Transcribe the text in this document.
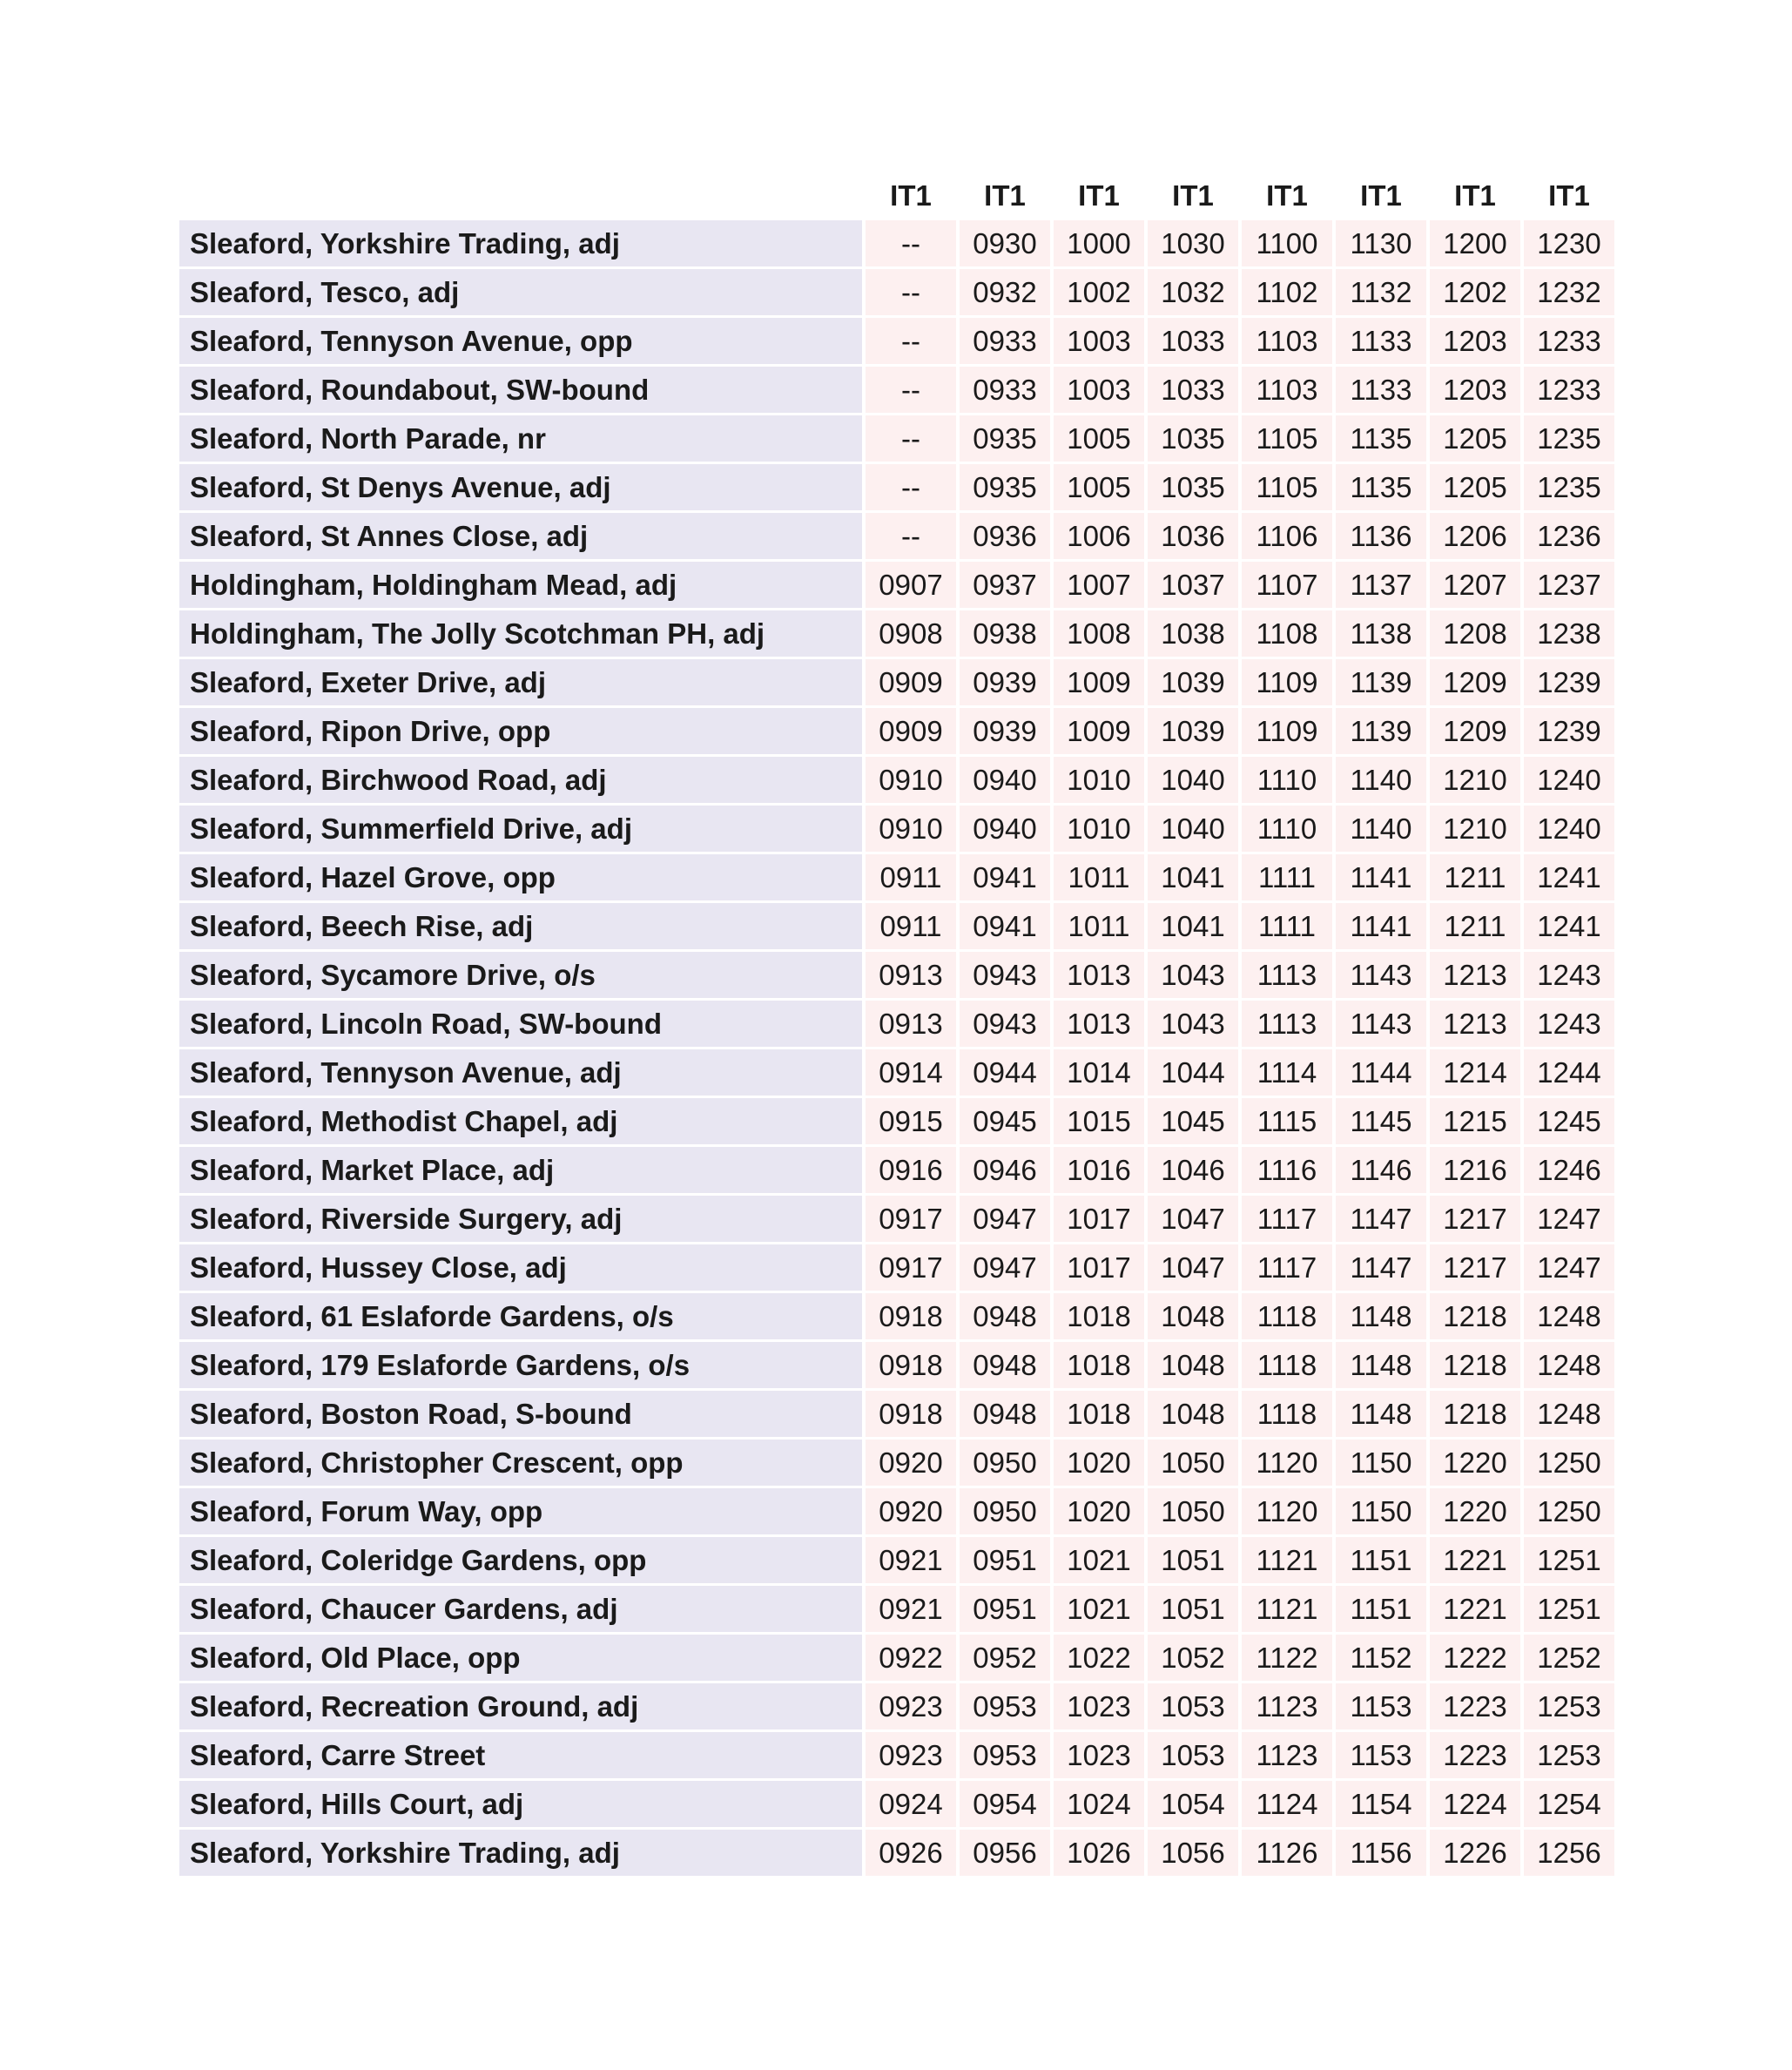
	IT1	IT1	IT1	IT1	IT1	IT1	IT1	IT1
Sleaford, Yorkshire Trading, adj	--	0930	1000	1030	1100	1130	1200	1230
Sleaford, Tesco, adj	--	0932	1002	1032	1102	1132	1202	1232
Sleaford, Tennyson Avenue, opp	--	0933	1003	1033	1103	1133	1203	1233
Sleaford, Roundabout, SW-bound	--	0933	1003	1033	1103	1133	1203	1233
Sleaford, North Parade, nr	--	0935	1005	1035	1105	1135	1205	1235
Sleaford, St Denys Avenue, adj	--	0935	1005	1035	1105	1135	1205	1235
Sleaford, St Annes Close, adj	--	0936	1006	1036	1106	1136	1206	1236
Holdingham, Holdingham Mead, adj	0907	0937	1007	1037	1107	1137	1207	1237
Holdingham, The Jolly Scotchman PH, adj	0908	0938	1008	1038	1108	1138	1208	1238
Sleaford, Exeter Drive, adj	0909	0939	1009	1039	1109	1139	1209	1239
Sleaford, Ripon Drive, opp	0909	0939	1009	1039	1109	1139	1209	1239
Sleaford, Birchwood Road, adj	0910	0940	1010	1040	1110	1140	1210	1240
Sleaford, Summerfield Drive, adj	0910	0940	1010	1040	1110	1140	1210	1240
Sleaford, Hazel Grove, opp	0911	0941	1011	1041	1111	1141	1211	1241
Sleaford, Beech Rise, adj	0911	0941	1011	1041	1111	1141	1211	1241
Sleaford, Sycamore Drive, o/s	0913	0943	1013	1043	1113	1143	1213	1243
Sleaford, Lincoln Road, SW-bound	0913	0943	1013	1043	1113	1143	1213	1243
Sleaford, Tennyson Avenue, adj	0914	0944	1014	1044	1114	1144	1214	1244
Sleaford, Methodist Chapel, adj	0915	0945	1015	1045	1115	1145	1215	1245
Sleaford, Market Place, adj	0916	0946	1016	1046	1116	1146	1216	1246
Sleaford, Riverside Surgery, adj	0917	0947	1017	1047	1117	1147	1217	1247
Sleaford, Hussey Close, adj	0917	0947	1017	1047	1117	1147	1217	1247
Sleaford, 61 Eslaforde Gardens, o/s	0918	0948	1018	1048	1118	1148	1218	1248
Sleaford, 179 Eslaforde Gardens, o/s	0918	0948	1018	1048	1118	1148	1218	1248
Sleaford, Boston Road, S-bound	0918	0948	1018	1048	1118	1148	1218	1248
Sleaford, Christopher Crescent, opp	0920	0950	1020	1050	1120	1150	1220	1250
Sleaford, Forum Way, opp	0920	0950	1020	1050	1120	1150	1220	1250
Sleaford, Coleridge Gardens, opp	0921	0951	1021	1051	1121	1151	1221	1251
Sleaford, Chaucer Gardens, adj	0921	0951	1021	1051	1121	1151	1221	1251
Sleaford, Old Place, opp	0922	0952	1022	1052	1122	1152	1222	1252
Sleaford, Recreation Ground, adj	0923	0953	1023	1053	1123	1153	1223	1253
Sleaford, Carre Street	0923	0953	1023	1053	1123	1153	1223	1253
Sleaford, Hills Court, adj	0924	0954	1024	1054	1124	1154	1224	1254
Sleaford, Yorkshire Trading, adj	0926	0956	1026	1056	1126	1156	1226	1256
